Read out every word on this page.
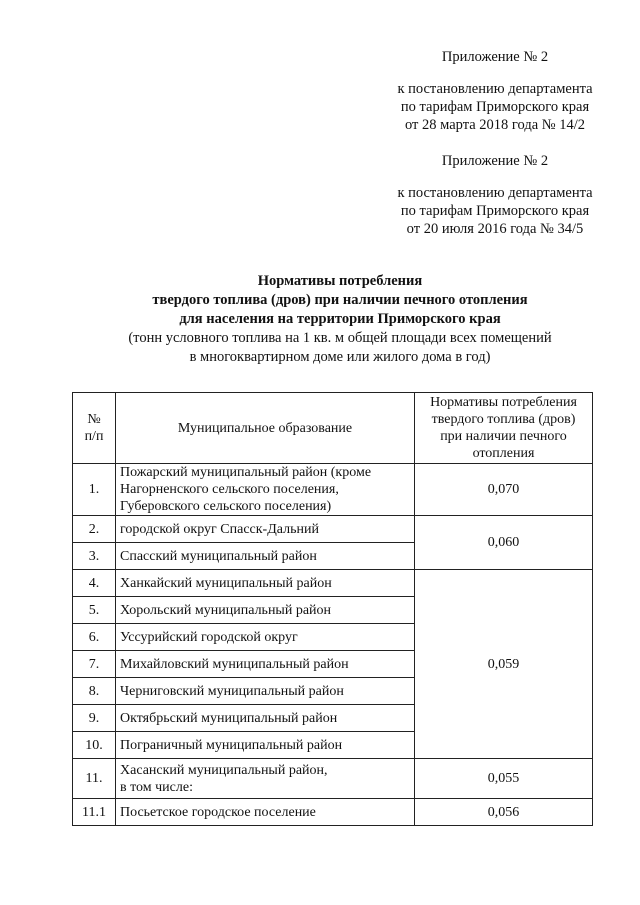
Приложение № 2
к постановлению департамента
по тарифам Приморского края
от 28 марта 2018 года № 14/2
Приложение № 2
к постановлению департамента
по тарифам Приморского края
от 20 июля 2016 года № 34/5
Нормативы потребления
твердого топлива (дров) при наличии печного отопления
для населения на территории Приморского края
(тонн условного топлива на 1 кв. м общей площади всех помещений
в многоквартирном доме или жилого дома в год)
№
п/п	Муниципальное образование	Нормативы потребления твердого топлива (дров) при наличии печного отопления
1.	Пожарский муниципальный район (кроме Нагорненского сельского поселения, Губеровского сельского поселения)	0,070
2.	городской округ Спасск-Дальний	0,060
3.	Спасский муниципальный район	
4.	Ханкайский муниципальный район	0,059
5.	Хорольский муниципальный район	
6.	Уссурийский городской округ	
7.	Михайловский муниципальный район	
8.	Черниговский муниципальный район	
9.	Октябрьский муниципальный район	
10.	Пограничный муниципальный район	
11.	Хасанский муниципальный район,
в том числе:	0,055
11.1	Посьетское городское поселение	0,056
